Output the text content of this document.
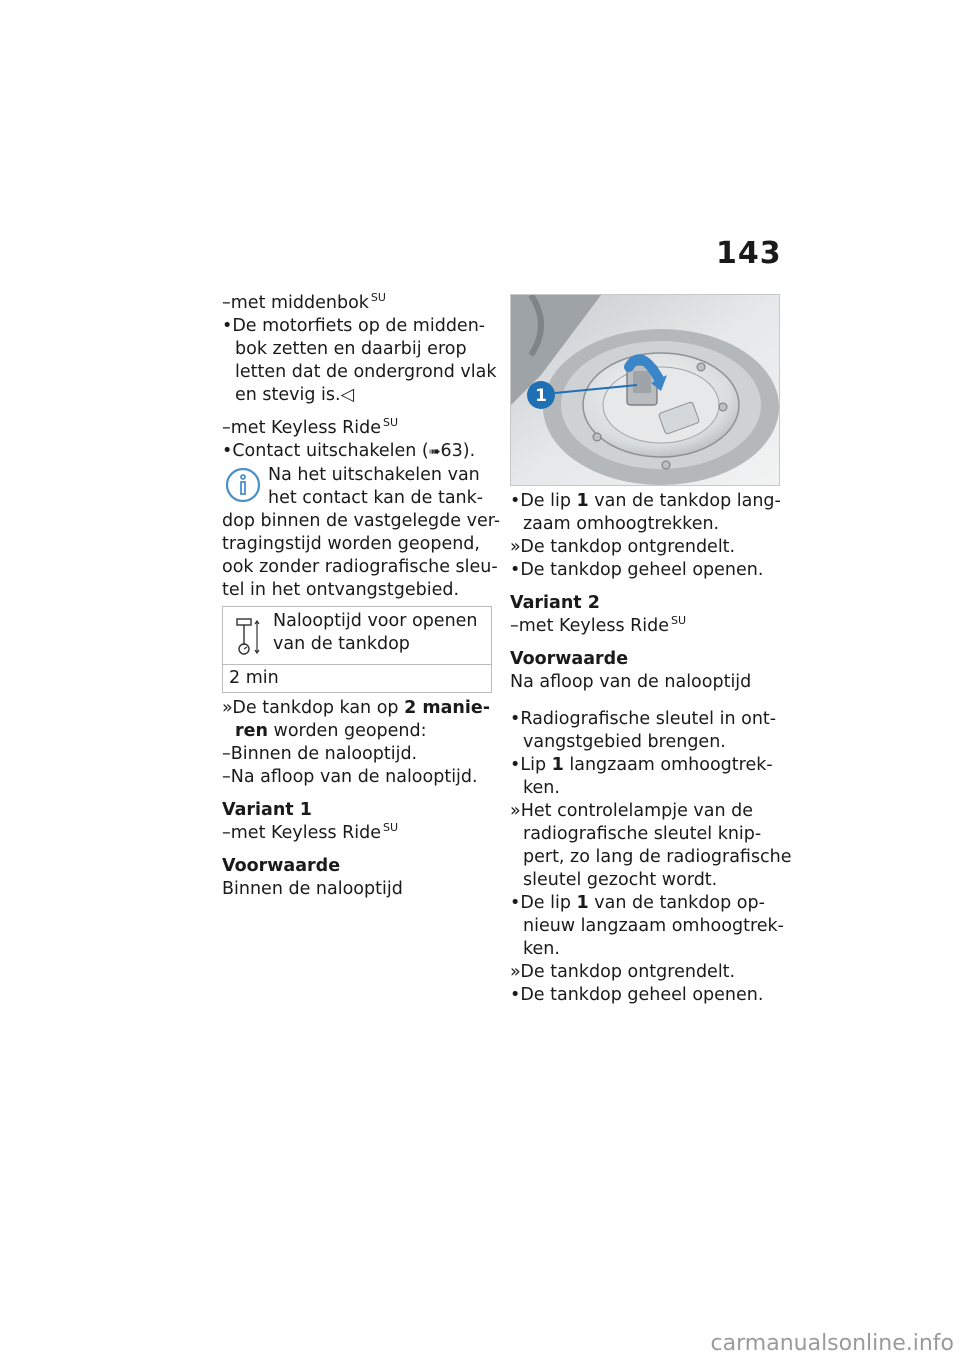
143
–met middenbok $^{SU}$
•De motorfiets op de midden-
bok zetten en daarbij erop
letten dat de ondergrond vlak
en stevig is.◁
–met Keyless Ride $^{SU}$
•Contact uitschakelen (➠63).
Na het uitschakelen van
het contact kan de tank-
dop binnen de vastgelegde ver-
tragingstijd worden geopend,
ook zonder radiografische sleu-
tel in het ontvangstgebied.
Nalooptijd voor openen
van de tankdop
2 min
»De tankdop kan op 2 manie-
ren worden geopend:
–Binnen de nalooptijd.
–Na afloop van de nalooptijd.
Variant 1
–met Keyless Ride $^{SU}$
Voorwaarde
Binnen de nalooptijd
1
•De lip 1 van de tankdop lang-
zaam omhoogtrekken.
»De tankdop ontgrendelt.
•De tankdop geheel openen.
Variant 2
–met Keyless Ride $^{SU}$
Voorwaarde
Na afloop van de nalooptijd
•Radiografische sleutel in ont-
vangstgebied brengen.
•Lip 1 langzaam omhoogtrek-
ken.
»Het controlelampje van de
radiografische sleutel knip-
pert, zo lang de radiografische
sleutel gezocht wordt.
•De lip 1 van de tankdop op-
nieuw langzaam omhoogtrek-
ken.
»De tankdop ontgrendelt.
•De tankdop geheel openen.
carmanualsonline.info
